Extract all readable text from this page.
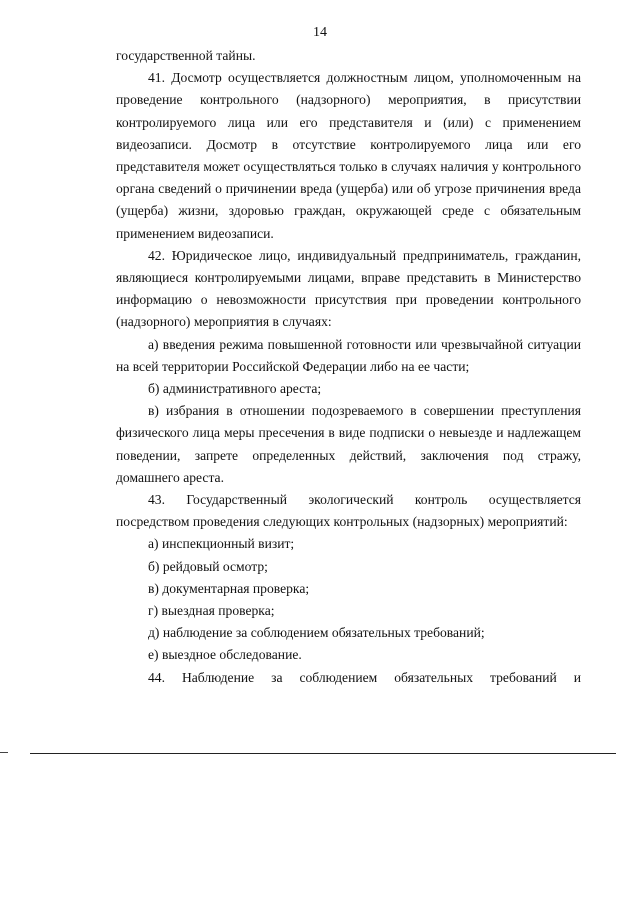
14

государственной тайны.

41. Досмотр осуществляется должностным лицом, уполномоченным на проведение контрольного (надзорного) мероприятия, в присутствии контролируемого лица или его представителя и (или) с применением видеозаписи. Досмотр в отсутствие контролируемого лица или его представителя может осуществляться только в случаях наличия у контрольного органа сведений о причинении вреда (ущерба) или об угрозе причинения вреда (ущерба) жизни, здоровью граждан, окружающей среде с обязательным применением видеозаписи.

42. Юридическое лицо, индивидуальный предприниматель, гражданин, являющиеся контролируемыми лицами, вправе представить в Министерство информацию о невозможности присутствия при проведении контрольного (надзорного) мероприятия в случаях:

а) введения режима повышенной готовности или чрезвычайной ситуации на всей территории Российской Федерации либо на ее части;

б) административного ареста;

в) избрания в отношении подозреваемого в совершении преступления физического лица меры пресечения в виде подписки о невыезде и надлежащем поведении, запрете определенных действий, заключения под стражу, домашнего ареста.

43. Государственный экологический контроль осуществляется посредством проведения следующих контрольных (надзорных) мероприятий:

а) инспекционный визит;

б) рейдовый осмотр;

в) документарная проверка;

г) выездная проверка;

д) наблюдение за соблюдением обязательных требований;

е) выездное обследование.

44. Наблюдение за соблюдением обязательных требований и
